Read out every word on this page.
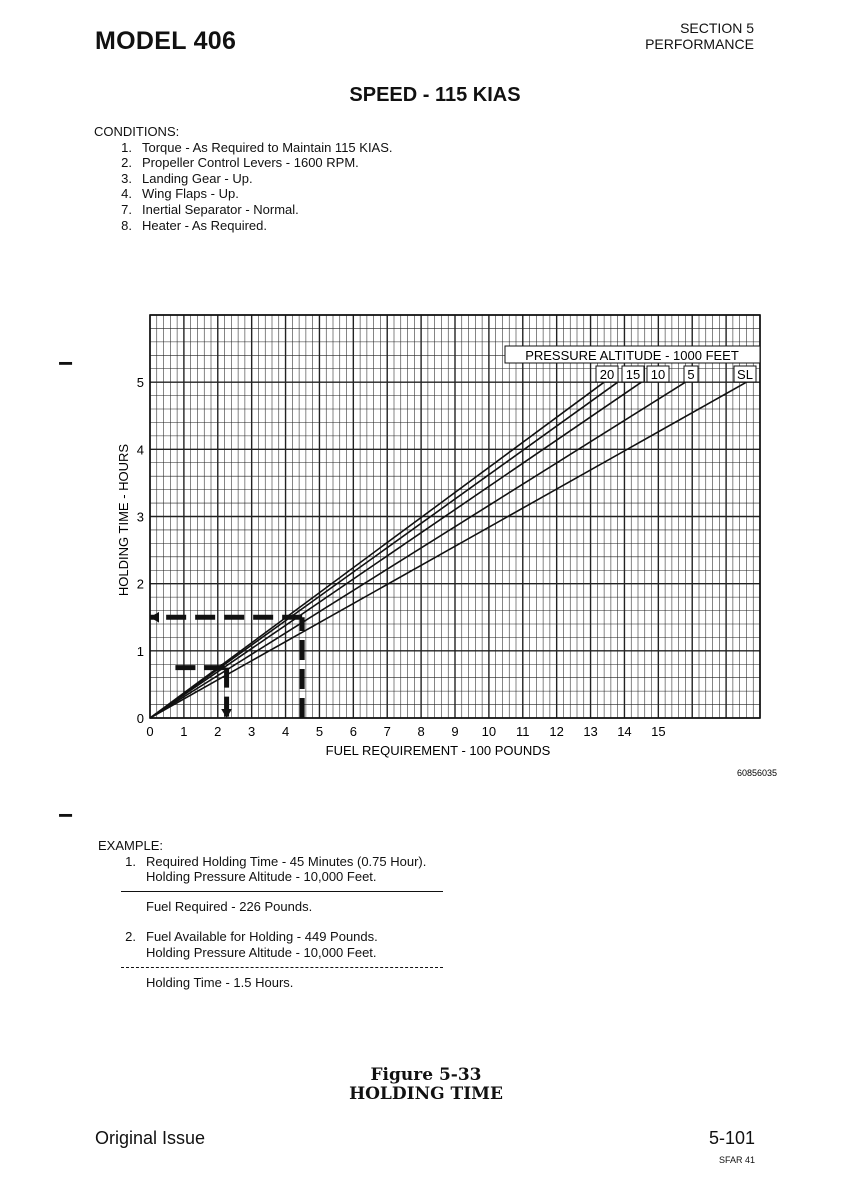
MODEL 406	SECTION 5
PERFORMANCE
SPEED - 115 KIAS
CONDITIONS:
1. Torque - As Required to Maintain 115 KIAS.
2. Propeller Control Levers - 1600 RPM.
3. Landing Gear - Up.
4. Wing Flaps - Up.
7. Inertial Separator - Normal.
8. Heater - As Required.
−
−
0 1 2 3 4 5 6 7 8 9 10 11 12 13 14 15
0
1
2
3
4
5
PRESSURE ALTITUDE - 1000 FEET
20 15 10 5	SL
HOLDING TIME - HOURS
FUEL REQUIREMENT - 100 POUNDS
60856035
EXAMPLE:
1. Required Holding Time - 45 Minutes (0.75 Hour).
Holding Pressure Altitude - 10,000 Feet.
Fuel Required - 226 Pounds.
2. Fuel Available for Holding - 449 Pounds.
Holding Pressure Altitude - 10,000 Feet.
Holding Time - 1.5 Hours.
Figure 5-33
HOLDING TIME
Original Issue	5-101
SFAR 41
